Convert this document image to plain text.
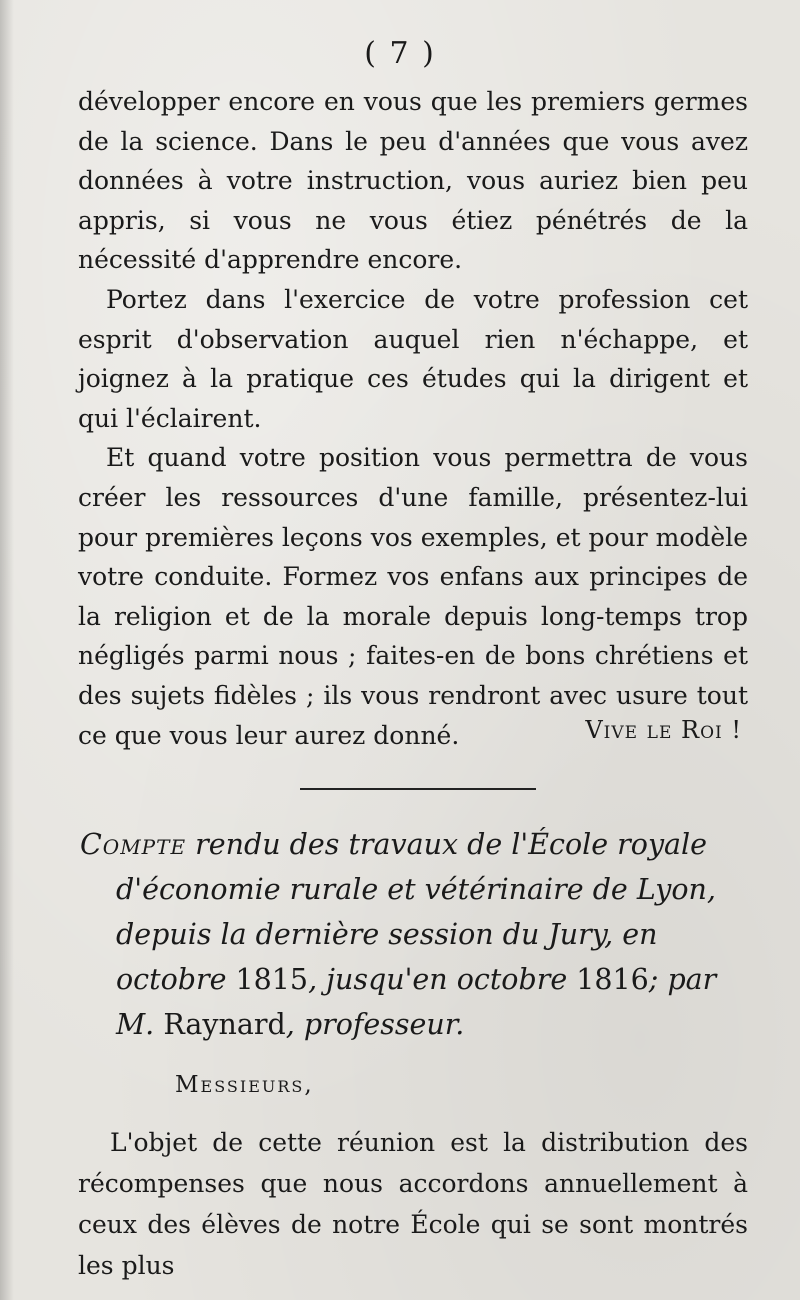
( 7 )

développer encore en vous que les premiers germes de la science. Dans le peu d'années que vous avez données à votre instruction, vous auriez bien peu appris, si vous ne vous étiez pénétrés de la nécessité d'apprendre encore.

Portez dans l'exercice de votre profession cet esprit d'observation auquel rien n'échappe, et joignez à la pratique ces études qui la dirigent et qui l'éclairent.

Et quand votre position vous permettra de vous créer les ressources d'une famille, présentez-lui pour premières leçons vos exemples, et pour modèle votre conduite. Formez vos enfans aux principes de la religion et de la morale depuis long-temps trop négligés parmi nous ; faites-en de bons chrétiens et des sujets fidèles ; ils vous rendront avec usure tout ce que vous leur aurez donné.	Vive le Roi !
Compte rendu des travaux de l'École royale
d'économie rurale et vétérinaire de Lyon,
depuis la dernière session du Jury, en
octobre 1815, jusqu'en octobre 1816; par
M. Raynard, professeur.
Messieurs,

L'objet de cette réunion est la distribution des récompenses que nous accordons annuellement à ceux des élèves de notre École qui se sont montrés les plus
